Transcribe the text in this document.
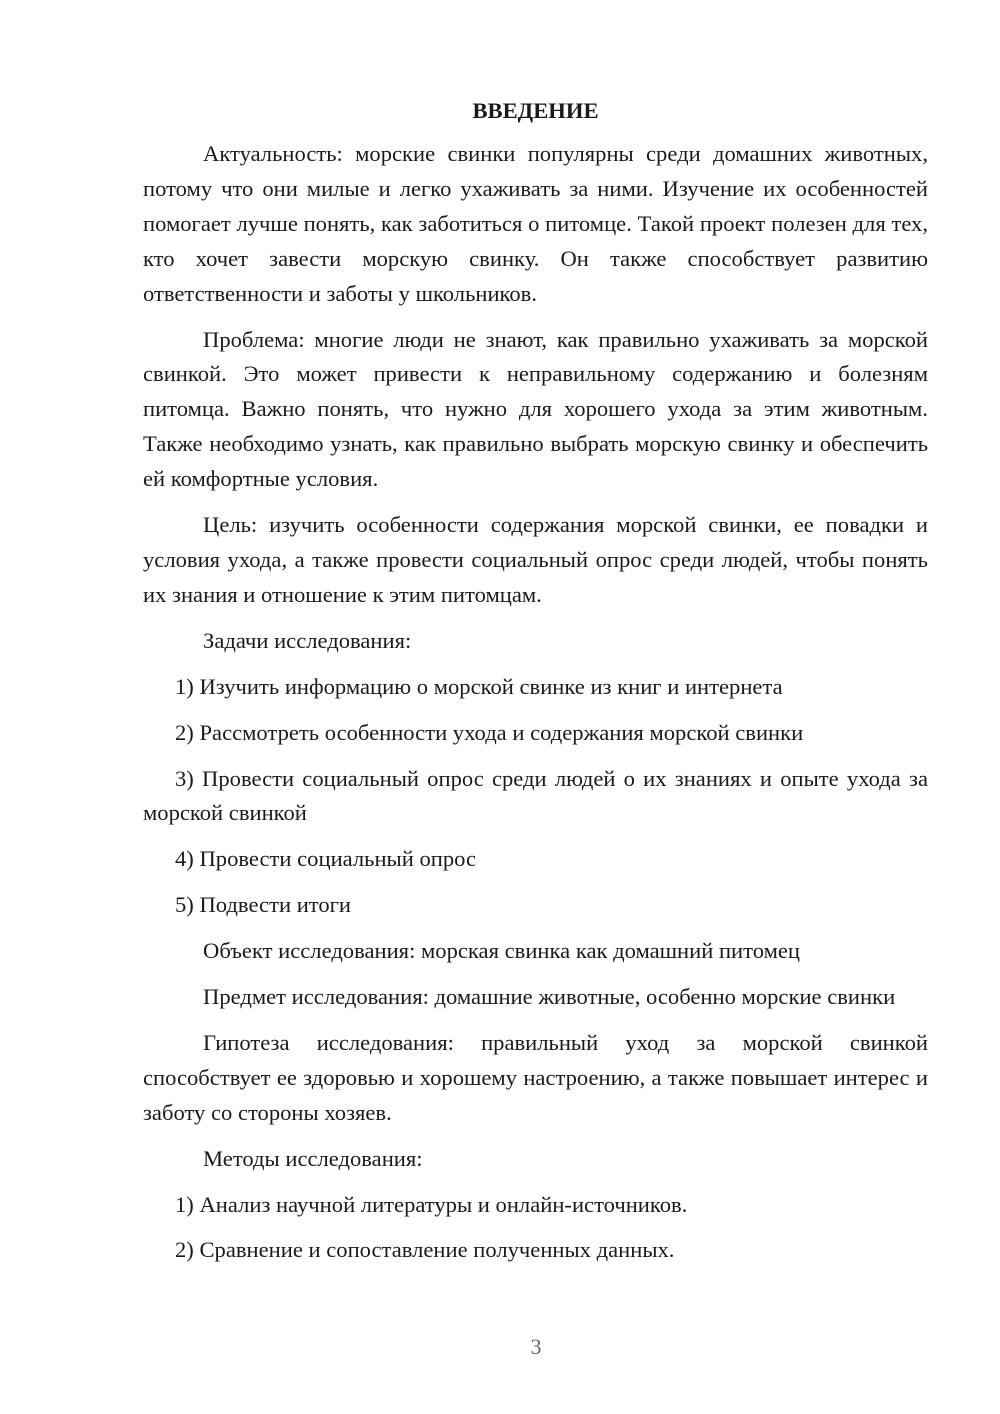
ВВЕДЕНИЕ

Актуальность: морские свинки популярны среди домашних животных, потому что они милые и легко ухаживать за ними. Изучение их особенностей помогает лучше понять, как заботиться о питомце. Такой проект полезен для тех, кто хочет завести морскую свинку. Он также способствует развитию ответственности и заботы у школьников.

Проблема: многие люди не знают, как правильно ухаживать за морской свинкой. Это может привести к неправильному содержанию и болезням питомца. Важно понять, что нужно для хорошего ухода за этим животным. Также необходимо узнать, как правильно выбрать морскую свинку и обеспечить ей комфортные условия.

Цель: изучить особенности содержания морской свинки, ее повадки и условия ухода, а также провести социальный опрос среди людей, чтобы понять их знания и отношение к этим питомцам.

Задачи исследования:

1) Изучить информацию о морской свинке из книг и интернета

2) Рассмотреть особенности ухода и содержания морской свинки

3) Провести социальный опрос среди людей о их знаниях и опыте ухода за морской свинкой

4) Провести социальный опрос

5) Подвести итоги

Объект исследования: морская свинка как домашний питомец

Предмет исследования: домашние животные, особенно морские свинки

Гипотеза исследования: правильный уход за морской свинкой способствует ее здоровью и хорошему настроению, а также повышает интерес и заботу со стороны хозяев.

Методы исследования:

1) Анализ научной литературы и онлайн-источников.

2) Сравнение и сопоставление полученных данных.

3
